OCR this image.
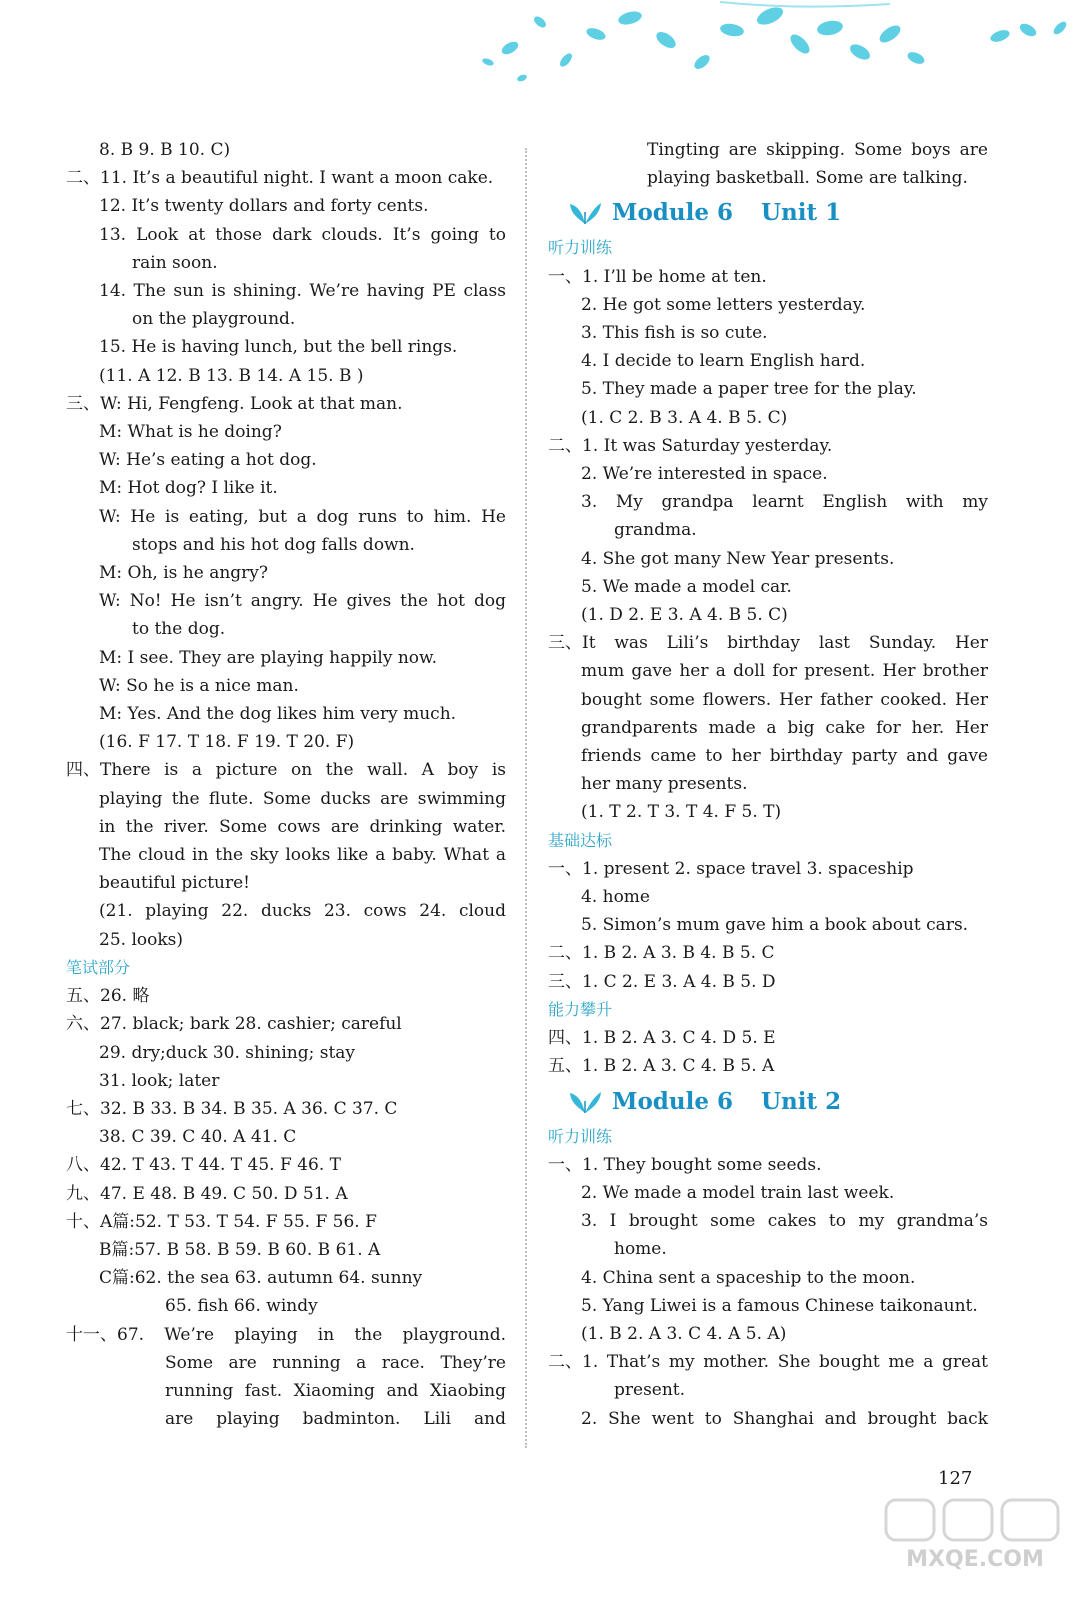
8. B 9. B 10. C)
二、11. It’s a beautiful night. I want a moon cake.
12. It’s twenty dollars and forty cents.
13. Look at those dark clouds. It’s going to
rain soon.
14. The sun is shining. We’re having PE class
on the playground.
15. He is having lunch, but the bell rings.
(11. A 12. B 13. B 14. A 15. B )
三、W: Hi, Fengfeng. Look at that man.
M: What is he doing?
W: He’s eating a hot dog.
M: Hot dog? I like it.
W: He is eating, but a dog runs to him. He
stops and his hot dog falls down.
M: Oh, is he angry?
W: No! He isn’t angry. He gives the hot dog
to the dog.
M: I see. They are playing happily now.
W: So he is a nice man.
M: Yes. And the dog likes him very much.
(16. F 17. T 18. F 19. T 20. F)
四、There is a picture on the wall. A boy is
playing the flute. Some ducks are swimming
in the river. Some cows are drinking water.
The cloud in the sky looks like a baby. What a
beautiful picture!
(21. playing 22. ducks 23. cows 24. cloud
25. looks)
笔试部分
五、26. 略
六、27. black; bark 28. cashier; careful
29. dry;duck 30. shining; stay
31. look; later
七、32. B 33. B 34. B 35. A 36. C 37. C
38. C 39. C 40. A 41. C
八、42. T 43. T 44. T 45. F 46. T
九、47. E 48. B 49. C 50. D 51. A
十、A篇:52. T 53. T 54. F 55. F 56. F
B篇:57. B 58. B 59. B 60. B 61. A
C篇:62. the sea 63. autumn 64. sunny
65. fish 66. windy
十一、67. We’re playing in the playground.
Some are running a race. They’re
running fast. Xiaoming and Xiaobing
are playing badminton. Lili and
Tingting are skipping. Some boys are
playing basketball. Some are talking.
Module 6 Unit 1
听力训练
一、1. I’ll be home at ten.
2. He got some letters yesterday.
3. This fish is so cute.
4. I decide to learn English hard.
5. They made a paper tree for the play.
(1. C 2. B 3. A 4. B 5. C)
二、1. It was Saturday yesterday.
2. We’re interested in space.
3. My grandpa learnt English with my
grandma.
4. She got many New Year presents.
5. We made a model car.
(1. D 2. E 3. A 4. B 5. C)
三、It was Lili’s birthday last Sunday. Her
mum gave her a doll for present. Her brother
bought some flowers. Her father cooked. Her
grandparents made a big cake for her. Her
friends came to her birthday party and gave
her many presents.
(1. T 2. T 3. T 4. F 5. T)
基础达标
一、1. present 2. space travel 3. spaceship
4. home
5. Simon’s mum gave him a book about cars.
二、1. B 2. A 3. B 4. B 5. C
三、1. C 2. E 3. A 4. B 5. D
能力攀升
四、1. B 2. A 3. C 4. D 5. E
五、1. B 2. A 3. C 4. B 5. A
Module 6 Unit 2
听力训练
一、1. They bought some seeds.
2. We made a model train last week.
3. I brought some cakes to my grandma’s
home.
4. China sent a spaceship to the moon.
5. Yang Liwei is a famous Chinese taikonaunt.
(1. B 2. A 3. C 4. A 5. A)
二、1. That’s my mother. She bought me a great
present.
2. She went to Shanghai and brought back
127
MXQE.COM
